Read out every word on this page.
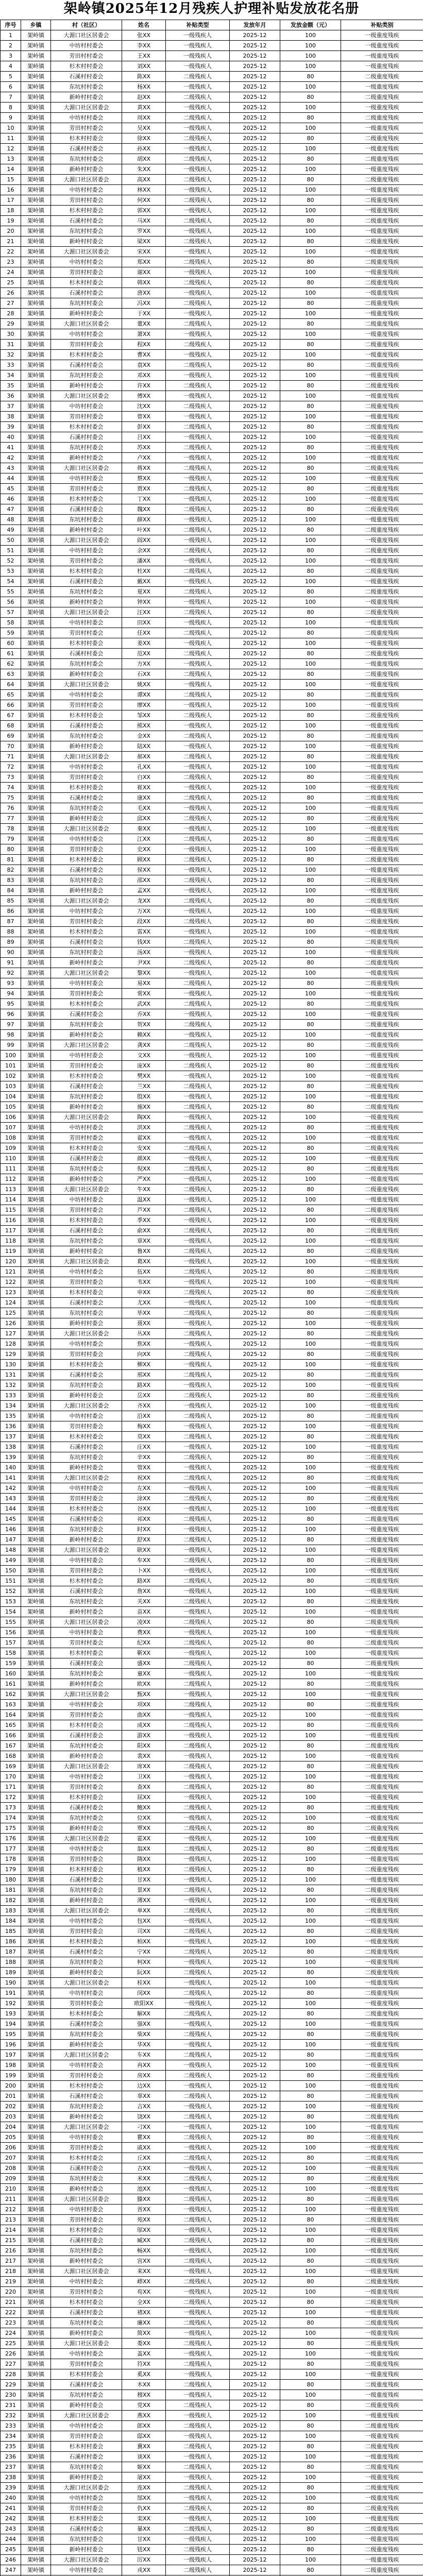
架岭镇2025年12月残疾人护理补贴发放花名册
序号	乡镇	村（社区）	姓名	补贴类型	发放年月	发放金额（元）	补贴类别
1	架岭镇	大源口社区居委会	张XX	一级残疾人	2025-12	100	一级重度残疾
2	架岭镇	中坊村村委会	李XX	一级残疾人	2025-12	100	一级重度残疾
3	架岭镇	芳田村村委会	王XX	一级残疾人	2025-12	100	一级重度残疾
4	架岭镇	杉木村村委会	刘XX	一级残疾人	2025-12	100	一级重度残疾
5	架岭镇	石溪村村委会	陈XX	二级残疾人	2025-12	80	二级重度残疾
6	架岭镇	东坑村村委会	杨XX	一级残疾人	2025-12	100	一级重度残疾
7	架岭镇	新岭村村委会	赵XX	二级残疾人	2025-12	80	二级重度残疾
8	架岭镇	大源口社区居委会	黄XX	一级残疾人	2025-12	100	一级重度残疾
9	架岭镇	中坊村村委会	周XX	二级残疾人	2025-12	80	二级重度残疾
10	架岭镇	芳田村村委会	吴XX	一级残疾人	2025-12	100	一级重度残疾
11	架岭镇	杉木村村委会	徐XX	二级残疾人	2025-12	80	二级重度残疾
12	架岭镇	石溪村村委会	孙XX	一级残疾人	2025-12	100	一级重度残疾
13	架岭镇	东坑村村委会	胡XX	二级残疾人	2025-12	80	二级重度残疾
14	架岭镇	新岭村村委会	朱XX	一级残疾人	2025-12	100	一级重度残疾
15	架岭镇	大源口社区居委会	高XX	二级残疾人	2025-12	80	二级重度残疾
16	架岭镇	中坊村村委会	林XX	一级残疾人	2025-12	100	一级重度残疾
17	架岭镇	芳田村村委会	何XX	二级残疾人	2025-12	80	二级重度残疾
18	架岭镇	杉木村村委会	郭XX	一级残疾人	2025-12	100	一级重度残疾
19	架岭镇	石溪村村委会	马XX	二级残疾人	2025-12	80	二级重度残疾
20	架岭镇	东坑村村委会	罗XX	一级残疾人	2025-12	100	一级重度残疾
21	架岭镇	新岭村村委会	梁XX	二级残疾人	2025-12	80	二级重度残疾
22	架岭镇	大源口社区居委会	宋XX	一级残疾人	2025-12	100	一级重度残疾
23	架岭镇	中坊村村委会	郑XX	二级残疾人	2025-12	80	二级重度残疾
24	架岭镇	芳田村村委会	谢XX	一级残疾人	2025-12	100	一级重度残疾
25	架岭镇	杉木村村委会	韩XX	二级残疾人	2025-12	80	二级重度残疾
26	架岭镇	石溪村村委会	唐XX	一级残疾人	2025-12	100	一级重度残疾
27	架岭镇	东坑村村委会	冯XX	二级残疾人	2025-12	80	二级重度残疾
28	架岭镇	新岭村村委会	于XX	一级残疾人	2025-12	100	一级重度残疾
29	架岭镇	大源口社区居委会	董XX	二级残疾人	2025-12	80	二级重度残疾
30	架岭镇	中坊村村委会	萧XX	一级残疾人	2025-12	100	一级重度残疾
31	架岭镇	芳田村村委会	程XX	二级残疾人	2025-12	80	二级重度残疾
32	架岭镇	杉木村村委会	曹XX	一级残疾人	2025-12	100	一级重度残疾
33	架岭镇	石溪村村委会	袁XX	二级残疾人	2025-12	80	二级重度残疾
34	架岭镇	东坑村村委会	邓XX	一级残疾人	2025-12	100	一级重度残疾
35	架岭镇	新岭村村委会	许XX	二级残疾人	2025-12	80	二级重度残疾
36	架岭镇	大源口社区居委会	傅XX	一级残疾人	2025-12	100	一级重度残疾
37	架岭镇	中坊村村委会	沈XX	二级残疾人	2025-12	80	二级重度残疾
38	架岭镇	芳田村村委会	曾XX	一级残疾人	2025-12	100	一级重度残疾
39	架岭镇	杉木村村委会	彭XX	二级残疾人	2025-12	80	二级重度残疾
40	架岭镇	石溪村村委会	吕XX	一级残疾人	2025-12	100	一级重度残疾
41	架岭镇	东坑村村委会	苏XX	二级残疾人	2025-12	80	二级重度残疾
42	架岭镇	新岭村村委会	卢XX	一级残疾人	2025-12	100	一级重度残疾
43	架岭镇	大源口社区居委会	蒋XX	二级残疾人	2025-12	80	二级重度残疾
44	架岭镇	中坊村村委会	蔡XX	一级残疾人	2025-12	100	一级重度残疾
45	架岭镇	芳田村村委会	贾XX	二级残疾人	2025-12	80	二级重度残疾
46	架岭镇	杉木村村委会	丁XX	一级残疾人	2025-12	100	一级重度残疾
47	架岭镇	石溪村村委会	魏XX	二级残疾人	2025-12	80	二级重度残疾
48	架岭镇	东坑村村委会	薛XX	一级残疾人	2025-12	100	一级重度残疾
49	架岭镇	新岭村村委会	叶XX	二级残疾人	2025-12	80	二级重度残疾
50	架岭镇	大源口社区居委会	阎XX	一级残疾人	2025-12	100	一级重度残疾
51	架岭镇	中坊村村委会	余XX	二级残疾人	2025-12	80	二级重度残疾
52	架岭镇	芳田村村委会	潘XX	一级残疾人	2025-12	100	一级重度残疾
53	架岭镇	杉木村村委会	杜XX	二级残疾人	2025-12	80	二级重度残疾
54	架岭镇	石溪村村委会	戴XX	一级残疾人	2025-12	100	一级重度残疾
55	架岭镇	东坑村村委会	夏XX	二级残疾人	2025-12	80	二级重度残疾
56	架岭镇	新岭村村委会	钟XX	一级残疾人	2025-12	100	一级重度残疾
57	架岭镇	大源口社区居委会	汪XX	二级残疾人	2025-12	80	二级重度残疾
58	架岭镇	中坊村村委会	田XX	一级残疾人	2025-12	100	一级重度残疾
59	架岭镇	芳田村村委会	任XX	二级残疾人	2025-12	80	二级重度残疾
60	架岭镇	杉木村村委会	姜XX	一级残疾人	2025-12	100	一级重度残疾
61	架岭镇	石溪村村委会	范XX	二级残疾人	2025-12	80	二级重度残疾
62	架岭镇	东坑村村委会	方XX	一级残疾人	2025-12	100	一级重度残疾
63	架岭镇	新岭村村委会	石XX	二级残疾人	2025-12	80	二级重度残疾
64	架岭镇	大源口社区居委会	姚XX	一级残疾人	2025-12	100	一级重度残疾
65	架岭镇	中坊村村委会	谭XX	二级残疾人	2025-12	80	二级重度残疾
66	架岭镇	芳田村村委会	廖XX	一级残疾人	2025-12	100	一级重度残疾
67	架岭镇	杉木村村委会	邹XX	二级残疾人	2025-12	80	二级重度残疾
68	架岭镇	石溪村村委会	熊XX	一级残疾人	2025-12	100	一级重度残疾
69	架岭镇	东坑村村委会	金XX	二级残疾人	2025-12	80	二级重度残疾
70	架岭镇	新岭村村委会	陆XX	一级残疾人	2025-12	100	一级重度残疾
71	架岭镇	大源口社区居委会	郝XX	二级残疾人	2025-12	80	二级重度残疾
72	架岭镇	中坊村村委会	孔XX	一级残疾人	2025-12	100	一级重度残疾
73	架岭镇	芳田村村委会	白XX	二级残疾人	2025-12	80	二级重度残疾
74	架岭镇	杉木村村委会	崔XX	一级残疾人	2025-12	100	一级重度残疾
75	架岭镇	石溪村村委会	康XX	二级残疾人	2025-12	80	二级重度残疾
76	架岭镇	东坑村村委会	毛XX	一级残疾人	2025-12	100	一级重度残疾
77	架岭镇	新岭村村委会	邱XX	二级残疾人	2025-12	80	二级重度残疾
78	架岭镇	大源口社区居委会	秦XX	一级残疾人	2025-12	100	一级重度残疾
79	架岭镇	中坊村村委会	江XX	二级残疾人	2025-12	80	二级重度残疾
80	架岭镇	芳田村村委会	史XX	一级残疾人	2025-12	100	一级重度残疾
81	架岭镇	杉木村村委会	顾XX	二级残疾人	2025-12	80	二级重度残疾
82	架岭镇	石溪村村委会	侯XX	一级残疾人	2025-12	100	一级重度残疾
83	架岭镇	东坑村村委会	邵XX	二级残疾人	2025-12	80	二级重度残疾
84	架岭镇	新岭村村委会	孟XX	一级残疾人	2025-12	100	一级重度残疾
85	架岭镇	大源口社区居委会	龙XX	二级残疾人	2025-12	80	二级重度残疾
86	架岭镇	中坊村村委会	万XX	一级残疾人	2025-12	100	一级重度残疾
87	架岭镇	芳田村村委会	段XX	二级残疾人	2025-12	80	二级重度残疾
88	架岭镇	杉木村村委会	雷XX	一级残疾人	2025-12	100	一级重度残疾
89	架岭镇	石溪村村委会	钱XX	二级残疾人	2025-12	80	二级重度残疾
90	架岭镇	东坑村村委会	汤XX	一级残疾人	2025-12	100	一级重度残疾
91	架岭镇	新岭村村委会	尹XX	二级残疾人	2025-12	80	二级重度残疾
92	架岭镇	大源口社区居委会	黎XX	一级残疾人	2025-12	100	一级重度残疾
93	架岭镇	中坊村村委会	易XX	二级残疾人	2025-12	80	二级重度残疾
94	架岭镇	芳田村村委会	常XX	一级残疾人	2025-12	100	一级重度残疾
95	架岭镇	杉木村村委会	武XX	二级残疾人	2025-12	80	二级重度残疾
96	架岭镇	石溪村村委会	乔XX	一级残疾人	2025-12	100	一级重度残疾
97	架岭镇	东坑村村委会	贺XX	二级残疾人	2025-12	80	二级重度残疾
98	架岭镇	新岭村村委会	赖XX	一级残疾人	2025-12	100	一级重度残疾
99	架岭镇	大源口社区居委会	龚XX	二级残疾人	2025-12	80	二级重度残疾
100	架岭镇	中坊村村委会	文XX	一级残疾人	2025-12	100	一级重度残疾
101	架岭镇	芳田村村委会	庞XX	二级残疾人	2025-12	80	二级重度残疾
102	架岭镇	杉木村村委会	樊XX	一级残疾人	2025-12	100	一级重度残疾
103	架岭镇	石溪村村委会	兰XX	二级残疾人	2025-12	80	二级重度残疾
104	架岭镇	东坑村村委会	殷XX	一级残疾人	2025-12	100	一级重度残疾
105	架岭镇	新岭村村委会	施XX	二级残疾人	2025-12	80	二级重度残疾
106	架岭镇	大源口社区居委会	陶XX	一级残疾人	2025-12	100	一级重度残疾
107	架岭镇	中坊村村委会	洪XX	二级残疾人	2025-12	80	二级重度残疾
108	架岭镇	芳田村村委会	翟XX	一级残疾人	2025-12	100	一级重度残疾
109	架岭镇	杉木村村委会	安XX	二级残疾人	2025-12	80	二级重度残疾
110	架岭镇	石溪村村委会	颜XX	一级残疾人	2025-12	100	一级重度残疾
111	架岭镇	东坑村村委会	倪XX	二级残疾人	2025-12	80	二级重度残疾
112	架岭镇	新岭村村委会	严XX	一级残疾人	2025-12	100	一级重度残疾
113	架岭镇	大源口社区居委会	牛XX	二级残疾人	2025-12	80	二级重度残疾
114	架岭镇	中坊村村委会	温XX	一级残疾人	2025-12	100	一级重度残疾
115	架岭镇	芳田村村委会	芦XX	二级残疾人	2025-12	80	二级重度残疾
116	架岭镇	杉木村村委会	季XX	一级残疾人	2025-12	100	一级重度残疾
117	架岭镇	石溪村村委会	俞XX	二级残疾人	2025-12	80	二级重度残疾
118	架岭镇	东坑村村委会	章XX	一级残疾人	2025-12	100	一级重度残疾
119	架岭镇	新岭村村委会	鲁XX	二级残疾人	2025-12	80	二级重度残疾
120	架岭镇	大源口社区居委会	葛XX	一级残疾人	2025-12	100	一级重度残疾
121	架岭镇	中坊村村委会	伍XX	二级残疾人	2025-12	80	二级重度残疾
122	架岭镇	芳田村村委会	韦XX	一级残疾人	2025-12	100	一级重度残疾
123	架岭镇	杉木村村委会	申XX	二级残疾人	2025-12	80	二级重度残疾
124	架岭镇	石溪村村委会	尤XX	一级残疾人	2025-12	100	一级重度残疾
125	架岭镇	东坑村村委会	毕XX	二级残疾人	2025-12	80	二级重度残疾
126	架岭镇	新岭村村委会	聂XX	一级残疾人	2025-12	100	一级重度残疾
127	架岭镇	大源口社区居委会	丛XX	二级残疾人	2025-12	80	二级重度残疾
128	架岭镇	中坊村村委会	焦XX	一级残疾人	2025-12	100	一级重度残疾
129	架岭镇	芳田村村委会	向XX	二级残疾人	2025-12	80	二级重度残疾
130	架岭镇	杉木村村委会	柳XX	一级残疾人	2025-12	100	一级重度残疾
131	架岭镇	石溪村村委会	邢XX	二级残疾人	2025-12	80	二级重度残疾
132	架岭镇	东坑村村委会	路XX	一级残疾人	2025-12	100	一级重度残疾
133	架岭镇	新岭村村委会	岳XX	二级残疾人	2025-12	80	二级重度残疾
134	架岭镇	大源口社区居委会	齐XX	一级残疾人	2025-12	100	一级重度残疾
135	架岭镇	中坊村村委会	沿XX	二级残疾人	2025-12	80	二级重度残疾
136	架岭镇	芳田村村委会	梅XX	一级残疾人	2025-12	100	一级重度残疾
137	架岭镇	杉木村村委会	莫XX	二级残疾人	2025-12	80	二级重度残疾
138	架岭镇	石溪村村委会	庄XX	一级残疾人	2025-12	100	一级重度残疾
139	架岭镇	东坑村村委会	辛XX	二级残疾人	2025-12	80	二级重度残疾
140	架岭镇	新岭村村委会	管XX	一级残疾人	2025-12	100	一级重度残疾
141	架岭镇	大源口社区居委会	祝XX	二级残疾人	2025-12	80	二级重度残疾
142	架岭镇	中坊村村委会	左XX	一级残疾人	2025-12	100	一级重度残疾
143	架岭镇	芳田村村委会	涂XX	二级残疾人	2025-12	80	二级重度残疾
144	架岭镇	杉木村村委会	谷XX	一级残疾人	2025-12	100	一级重度残疾
145	架岭镇	石溪村村委会	祁XX	二级残疾人	2025-12	80	二级重度残疾
146	架岭镇	东坑村村委会	时XX	一级残疾人	2025-12	100	一级重度残疾
147	架岭镇	新岭村村委会	舒XX	二级残疾人	2025-12	80	二级重度残疾
148	架岭镇	大源口社区居委会	耿XX	一级残疾人	2025-12	100	一级重度残疾
149	架岭镇	中坊村村委会	牟XX	二级残疾人	2025-12	80	二级重度残疾
150	架岭镇	芳田村村委会	卜XX	一级残疾人	2025-12	100	一级重度残疾
151	架岭镇	杉木村村委会	路XX	二级残疾人	2025-12	80	二级重度残疾
152	架岭镇	石溪村村委会	詹XX	一级残疾人	2025-12	100	一级重度残疾
153	架岭镇	东坑村村委会	关XX	二级残疾人	2025-12	80	二级重度残疾
154	架岭镇	新岭村村委会	苗XX	一级残疾人	2025-12	100	一级重度残疾
155	架岭镇	大源口社区居委会	凌XX	二级残疾人	2025-12	80	二级重度残疾
156	架岭镇	中坊村村委会	费XX	一级残疾人	2025-12	100	一级重度残疾
157	架岭镇	芳田村村委会	纪XX	二级残疾人	2025-12	80	二级重度残疾
158	架岭镇	杉木村村委会	靳XX	一级残疾人	2025-12	100	一级重度残疾
159	架岭镇	石溪村村委会	盛XX	二级残疾人	2025-12	80	二级重度残疾
160	架岭镇	东坑村村委会	童XX	一级残疾人	2025-12	100	一级重度残疾
161	架岭镇	新岭村村委会	欧XX	二级残疾人	2025-12	80	二级重度残疾
162	架岭镇	大源口社区居委会	甄XX	一级残疾人	2025-12	100	一级重度残疾
163	架岭镇	中坊村村委会	项XX	二级残疾人	2025-12	80	二级重度残疾
164	架岭镇	芳田村村委会	曲XX	一级残疾人	2025-12	100	一级重度残疾
165	架岭镇	杉木村村委会	成XX	二级残疾人	2025-12	80	二级重度残疾
166	架岭镇	石溪村村委会	游XX	一级残疾人	2025-12	100	一级重度残疾
167	架岭镇	东坑村村委会	阳XX	二级残疾人	2025-12	80	二级重度残疾
168	架岭镇	新岭村村委会	裴XX	一级残疾人	2025-12	100	一级重度残疾
169	架岭镇	大源口社区居委会	席XX	二级残疾人	2025-12	80	二级重度残疾
170	架岭镇	中坊村村委会	卫XX	一级残疾人	2025-12	100	一级重度残疾
171	架岭镇	芳田村村委会	查XX	二级残疾人	2025-12	80	二级重度残疾
172	架岭镇	杉木村村委会	屈XX	一级残疾人	2025-12	100	一级重度残疾
173	架岭镇	石溪村村委会	鲍XX	二级残疾人	2025-12	80	二级重度残疾
174	架岭镇	东坑村村委会	位XX	一级残疾人	2025-12	100	一级重度残疾
175	架岭镇	新岭村村委会	覃XX	二级残疾人	2025-12	80	二级重度残疾
176	架岭镇	大源口社区居委会	霍XX	一级残疾人	2025-12	100	一级重度残疾
177	架岭镇	中坊村村委会	翁XX	二级残疾人	2025-12	80	二级重度残疾
178	架岭镇	芳田村村委会	隋XX	一级残疾人	2025-12	100	一级重度残疾
179	架岭镇	杉木村村委会	植XX	二级残疾人	2025-12	80	二级重度残疾
180	架岭镇	石溪村村委会	甘XX	一级残疾人	2025-12	100	一级重度残疾
181	架岭镇	东坑村村委会	景XX	二级残疾人	2025-12	80	二级重度残疾
182	架岭镇	新岭村村委会	薄XX	一级残疾人	2025-12	100	一级重度残疾
183	架岭镇	大源口社区居委会	单XX	二级残疾人	2025-12	80	二级重度残疾
184	架岭镇	中坊村村委会	包XX	一级残疾人	2025-12	100	一级重度残疾
185	架岭镇	芳田村村委会	司XX	二级残疾人	2025-12	80	二级重度残疾
186	架岭镇	杉木村村委会	柏XX	一级残疾人	2025-12	100	一级重度残疾
187	架岭镇	石溪村村委会	宁XX	二级残疾人	2025-12	80	二级重度残疾
188	架岭镇	东坑村村委会	柯XX	一级残疾人	2025-12	100	一级重度残疾
189	架岭镇	新岭村村委会	阮XX	二级残疾人	2025-12	80	二级重度残疾
190	架岭镇	大源口社区居委会	桂XX	一级残疾人	2025-12	100	一级重度残疾
191	架岭镇	中坊村村委会	闵XX	二级残疾人	2025-12	80	二级重度残疾
192	架岭镇	芳田村村委会	欧阳XX	一级残疾人	2025-12	100	一级重度残疾
193	架岭镇	杉木村村委会	解XX	二级残疾人	2025-12	80	二级重度残疾
194	架岭镇	石溪村村委会	强XX	一级残疾人	2025-12	100	一级重度残疾
195	架岭镇	东坑村村委会	柴XX	二级残疾人	2025-12	80	二级重度残疾
196	架岭镇	新岭村村委会	华XX	一级残疾人	2025-12	100	一级重度残疾
197	架岭镇	大源口社区居委会	车XX	二级残疾人	2025-12	80	二级重度残疾
198	架岭镇	中坊村村委会	冉XX	一级残疾人	2025-12	100	一级重度残疾
199	架岭镇	芳田村村委会	房XX	二级残疾人	2025-12	80	二级重度残疾
200	架岭镇	杉木村村委会	边XX	一级残疾人	2025-12	100	一级重度残疾
201	架岭镇	石溪村村委会	辜XX	二级残疾人	2025-12	80	二级重度残疾
202	架岭镇	东坑村村委会	吉XX	一级残疾人	2025-12	100	一级重度残疾
203	架岭镇	新岭村村委会	饶XX	二级残疾人	2025-12	80	二级重度残疾
204	架岭镇	大源口社区居委会	刁XX	一级残疾人	2025-12	100	一级重度残疾
205	架岭镇	中坊村村委会	瞿XX	二级残疾人	2025-12	80	二级重度残疾
206	架岭镇	芳田村村委会	戚XX	一级残疾人	2025-12	100	一级重度残疾
207	架岭镇	杉木村村委会	丘XX	二级残疾人	2025-12	80	二级重度残疾
208	架岭镇	石溪村村委会	古XX	一级残疾人	2025-12	100	一级重度残疾
209	架岭镇	东坑村村委会	米XX	二级残疾人	2025-12	80	二级重度残疾
210	架岭镇	新岭村村委会	池XX	一级残疾人	2025-12	100	一级重度残疾
211	架岭镇	大源口社区居委会	滕XX	二级残疾人	2025-12	80	二级重度残疾
212	架岭镇	中坊村村委会	晋XX	一级残疾人	2025-12	100	一级重度残疾
213	架岭镇	芳田村村委会	苑XX	二级残疾人	2025-12	80	二级重度残疾
214	架岭镇	杉木村村委会	邬XX	一级残疾人	2025-12	100	一级重度残疾
215	架岭镇	石溪村村委会	臧XX	二级残疾人	2025-12	80	二级重度残疾
216	架岭镇	东坑村村委会	畅XX	一级残疾人	2025-12	100	一级重度残疾
217	架岭镇	新岭村村委会	宫XX	二级残疾人	2025-12	80	二级重度残疾
218	架岭镇	大源口社区居委会	来XX	一级残疾人	2025-12	100	一级重度残疾
219	架岭镇	中坊村村委会	嵺XX	二级残疾人	2025-12	80	二级重度残疾
220	架岭镇	芳田村村委会	苟XX	一级残疾人	2025-12	100	一级重度残疾
221	架岭镇	杉木村村委会	全XX	二级残疾人	2025-12	80	二级重度残疾
222	架岭镇	石溪村村委会	褚XX	一级残疾人	2025-12	100	一级重度残疾
223	架岭镇	东坑村村委会	廉XX	二级残疾人	2025-12	80	二级重度残疾
224	架岭镇	新岭村村委会	简XX	一级残疾人	2025-12	100	一级重度残疾
225	架岭镇	大源口社区居委会	娄XX	二级残疾人	2025-12	80	二级重度残疾
226	架岭镇	中坊村村委会	盖XX	一级残疾人	2025-12	100	一级重度残疾
227	架岭镇	芳田村村委会	符XX	二级残疾人	2025-12	80	二级重度残疾
228	架岭镇	杉木村村委会	奚XX	一级残疾人	2025-12	100	一级重度残疾
229	架岭镇	石溪村村委会	木XX	二级残疾人	2025-12	80	二级重度残疾
230	架岭镇	东坑村村委会	穆XX	一级残疾人	2025-12	100	一级重度残疾
231	架岭镇	新岭村村委会	党XX	二级残疾人	2025-12	80	二级重度残疾
232	架岭镇	大源口社区居委会	燕XX	一级残疾人	2025-12	100	一级重度残疾
233	架岭镇	中坊村村委会	郎XX	二级残疾人	2025-12	80	二级重度残疾
234	架岭镇	芳田村村委会	邸XX	一级残疾人	2025-12	100	一级重度残疾
235	架岭镇	杉木村村委会	冀XX	二级残疾人	2025-12	80	二级重度残疾
236	架岭镇	石溪村村委会	谈XX	一级残疾人	2025-12	100	一级重度残疾
237	架岭镇	东坑村村委会	姬XX	二级残疾人	2025-12	80	二级重度残疾
238	架岭镇	新岭村村委会	屠XX	一级残疾人	2025-12	100	一级重度残疾
239	架岭镇	大源口社区居委会	连XX	二级残疾人	2025-12	80	二级重度残疾
240	架岭镇	中坊村村委会	郜XX	一级残疾人	2025-12	100	一级重度残疾
241	架岭镇	芳田村村委会	仇XX	二级残疾人	2025-12	80	二级重度残疾
242	架岭镇	杉木村村委会	栾XX	一级残疾人	2025-12	100	一级重度残疾
243	架岭镇	石溪村村委会	暴XX	二级残疾人	2025-12	80	二级重度残疾
244	架岭镇	东坑村村委会	甘XX	一级残疾人	2025-12	100	一级重度残疾
245	架岭镇	新岭村村委会	钮XX	二级残疾人	2025-12	80	二级重度残疾
246	架岭镇	大源口社区居委会	厉XX	一级残疾人	2025-12	100	一级重度残疾
247	架岭镇	中坊村村委会	戎XX	二级残疾人	2025-12	80	二级重度残疾
